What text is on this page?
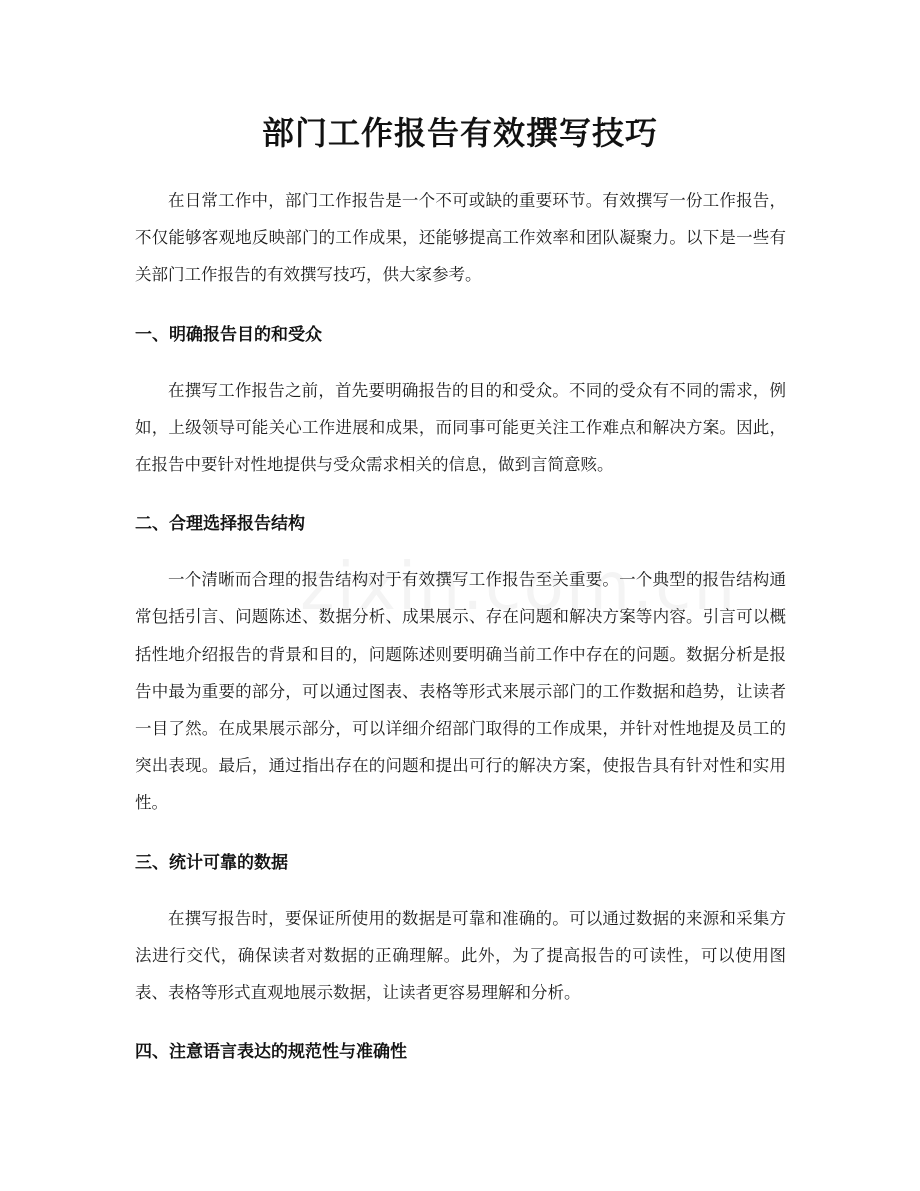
部门工作报告有效撰写技巧

在日常工作中，部门工作报告是一个不可或缺的重要环节。有效撰写一份工作报告，不仅能够客观地反映部门的工作成果，还能够提高工作效率和团队凝聚力。以下是一些有关部门工作报告的有效撰写技巧，供大家参考。

一、明确报告目的和受众

在撰写工作报告之前，首先要明确报告的目的和受众。不同的受众有不同的需求，例如，上级领导可能关心工作进展和成果，而同事可能更关注工作难点和解决方案。因此，在报告中要针对性地提供与受众需求相关的信息，做到言简意赅。

二、合理选择报告结构

一个清晰而合理的报告结构对于有效撰写工作报告至关重要。一个典型的报告结构通常包括引言、问题陈述、数据分析、成果展示、存在问题和解决方案等内容。引言可以概括性地介绍报告的背景和目的，问题陈述则要明确当前工作中存在的问题。数据分析是报告中最为重要的部分，可以通过图表、表格等形式来展示部门的工作数据和趋势，让读者一目了然。在成果展示部分，可以详细介绍部门取得的工作成果，并针对性地提及员工的突出表现。最后，通过指出存在的问题和提出可行的解决方案，使报告具有针对性和实用性。

三、统计可靠的数据

在撰写报告时，要保证所使用的数据是可靠和准确的。可以通过数据的来源和采集方法进行交代，确保读者对数据的正确理解。此外，为了提高报告的可读性，可以使用图表、表格等形式直观地展示数据，让读者更容易理解和分析。

四、注意语言表达的规范性与准确性
